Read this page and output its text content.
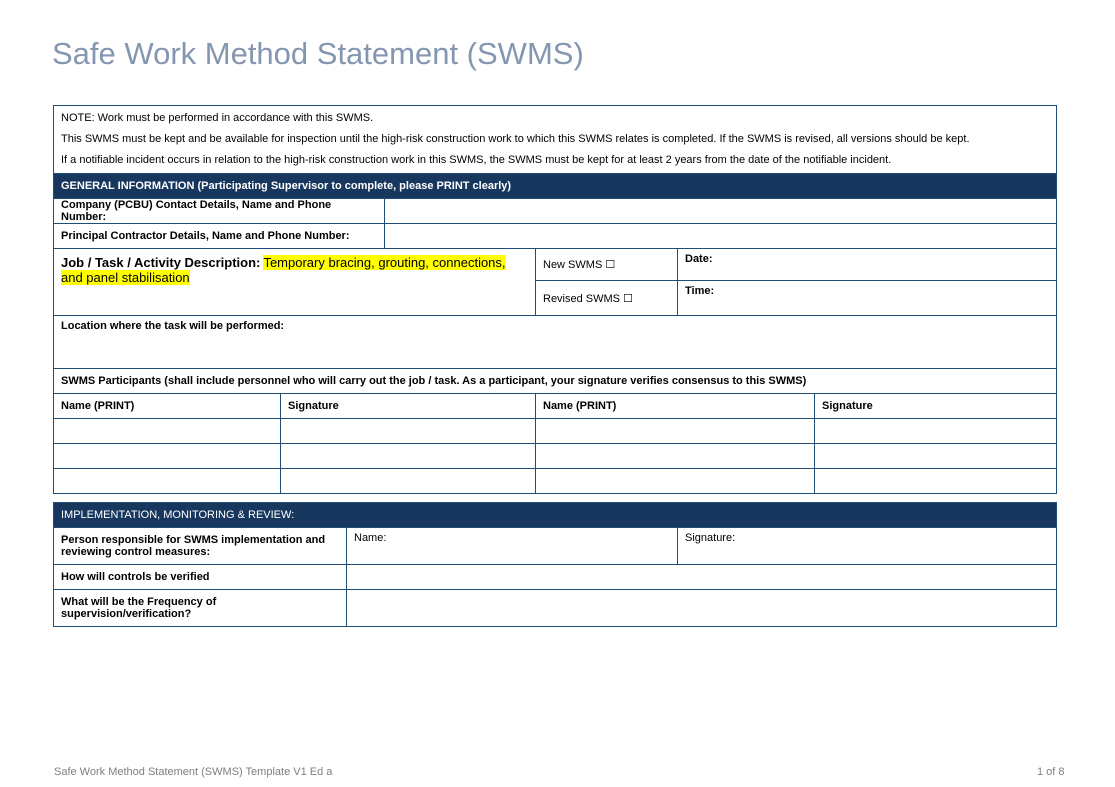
Safe Work Method Statement (SWMS)
NOTE: Work must be performed in accordance with this SWMS.
This SWMS must be kept and be available for inspection until the high-risk construction work to which this SWMS relates is completed. If the SWMS is revised, all versions should be kept.
If a notifiable incident occurs in relation to the high-risk construction work in this SWMS, the SWMS must be kept for at least 2 years from the date of the notifiable incident.					

GENERAL INFORMATION (Participating Supervisor to complete, please PRINT clearly)					
Company (PCBU) Contact Details, Name and Phone Number:					
Principal Contractor Details, Name and Phone Number:					
Job / Task / Activity Description: Temporary bracing, grouting, connections, and panel stabilisation			New SWMS ☐	Date:	
			Revised SWMS ☐	Time:	
Location where the task will be performed:					
SWMS Participants (shall include personnel who will carry out the job / task. As a participant, your signature verifies consensus to this SWMS)					
Name (PRINT)	Signature		Name (PRINT)		Signature

IMPLEMENTATION, MONITORING & REVIEW:		
Person responsible for SWMS implementation and reviewing control measures:	Name:	Signature:
How will controls be verified		
What will be the Frequency of supervision/verification?		
Safe Work Method Statement (SWMS) Template V1 Ed a	1 of 8
